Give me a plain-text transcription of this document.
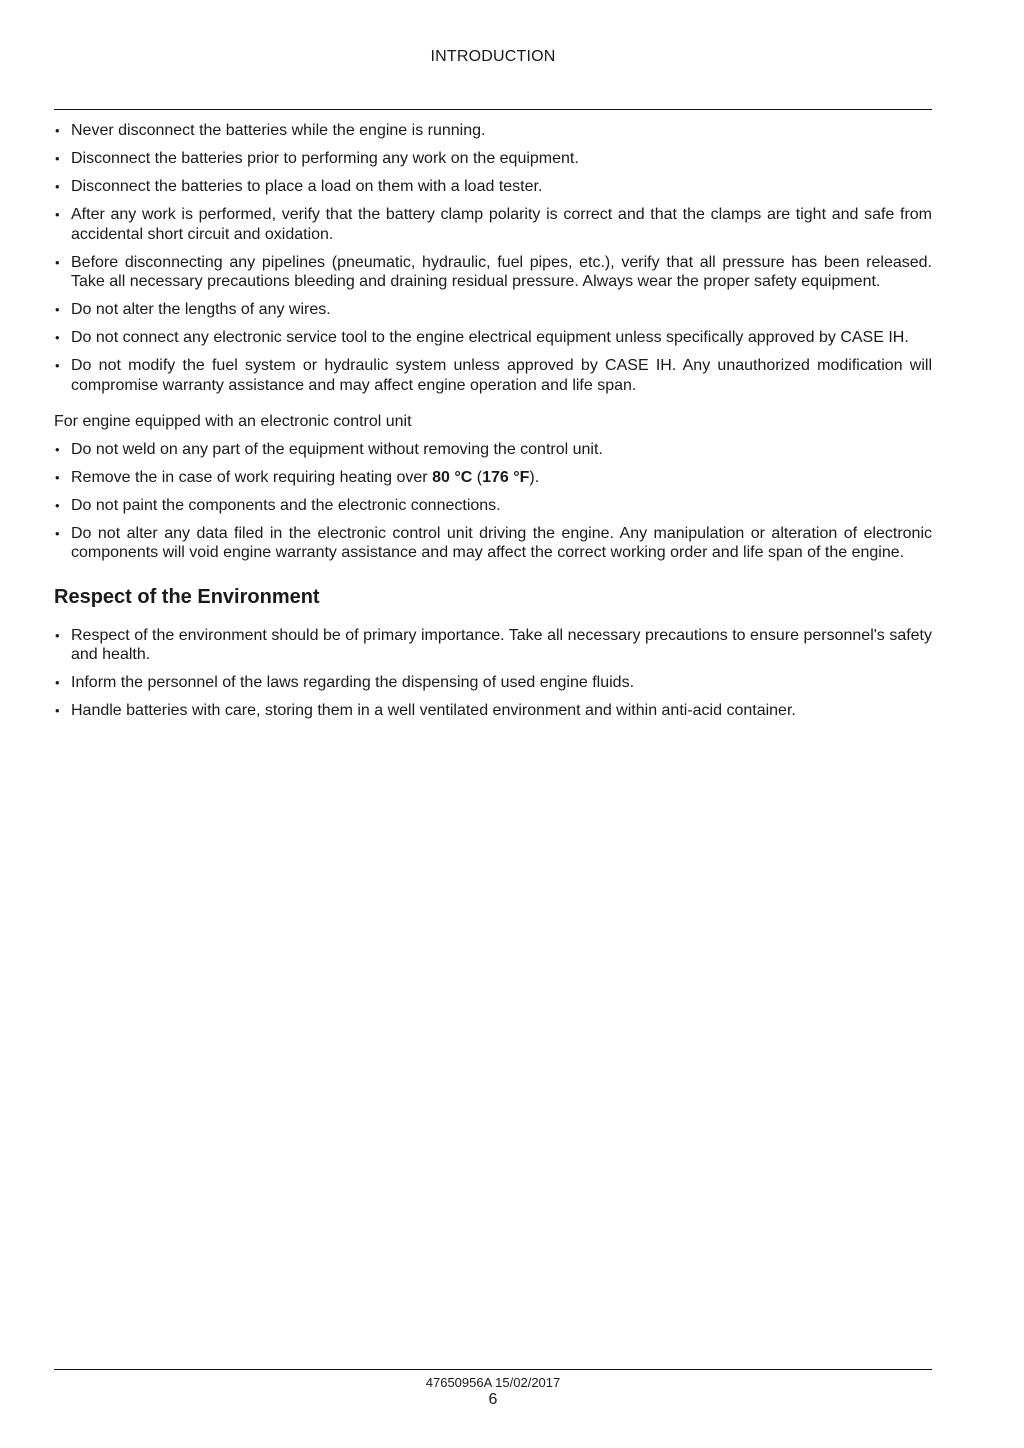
INTRODUCTION
• Never disconnect the batteries while the engine is running.
• Disconnect the batteries prior to performing any work on the equipment.
• Disconnect the batteries to place a load on them with a load tester.
• After any work is performed, verify that the battery clamp polarity is correct and that the clamps are tight and safe from accidental short circuit and oxidation.
• Before disconnecting any pipelines (pneumatic, hydraulic, fuel pipes, etc.), verify that all pressure has been released. Take all necessary precautions bleeding and draining residual pressure. Always wear the proper safety equipment.
• Do not alter the lengths of any wires.
• Do not connect any electronic service tool to the engine electrical equipment unless specifically approved by CASE IH.
• Do not modify the fuel system or hydraulic system unless approved by CASE IH. Any unauthorized modification will compromise warranty assistance and may affect engine operation and life span.
For engine equipped with an electronic control unit
• Do not weld on any part of the equipment without removing the control unit.
• Remove the in case of work requiring heating over 80 °C (176 °F).
• Do not paint the components and the electronic connections.
• Do not alter any data filed in the electronic control unit driving the engine. Any manipulation or alteration of electronic components will void engine warranty assistance and may affect the correct working order and life span of the engine.
Respect of the Environment
• Respect of the environment should be of primary importance. Take all necessary precautions to ensure personnel's safety and health.
• Inform the personnel of the laws regarding the dispensing of used engine fluids.
• Handle batteries with care, storing them in a well ventilated environment and within anti-acid container.
47650956A 15/02/2017
6
